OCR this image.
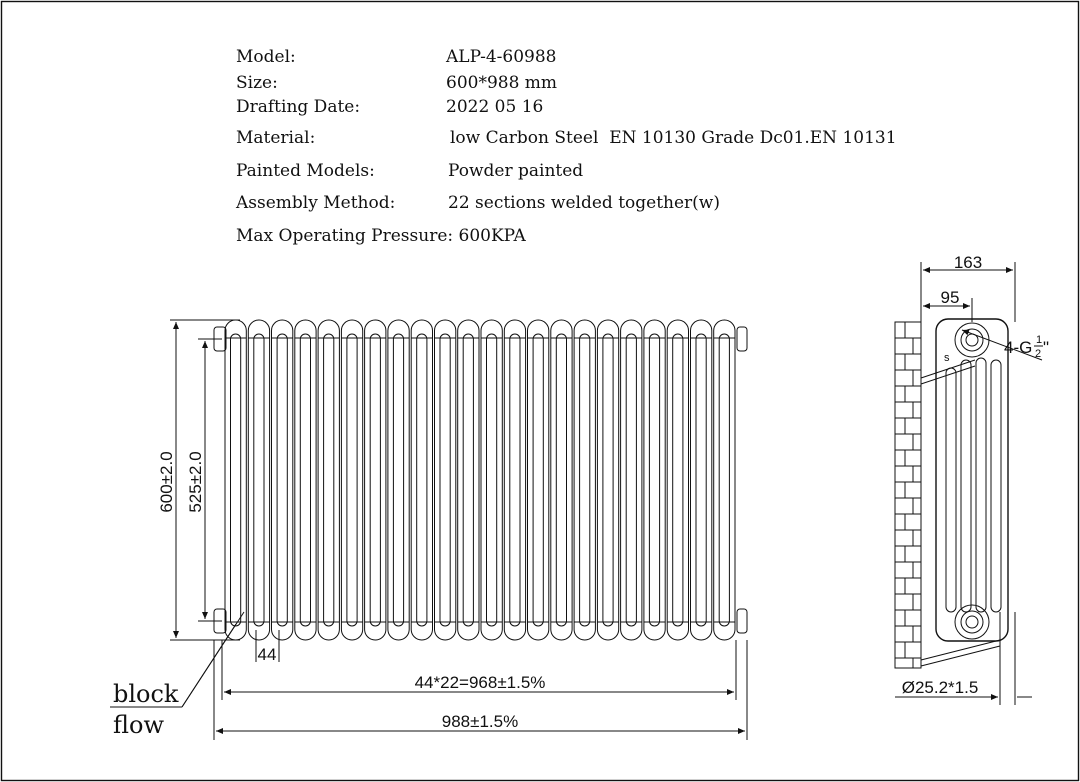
Model:	ALP-4-60988
Size:	600*988 mm
Drafting Date:	2022 05 16
Material:	low Carbon Steel  EN 10130 Grade Dc01.EN 10131
Painted Models:	Powder painted
Assembly Method:	22 sections welded together(w)
Max Operating Pressure: 600KPA
600±2.0 525±2.0
44
44*22=968±1.5%
988±1.5%
block
flow
s
163
95
4-G 1
2 "
Ø25.2*1.5
